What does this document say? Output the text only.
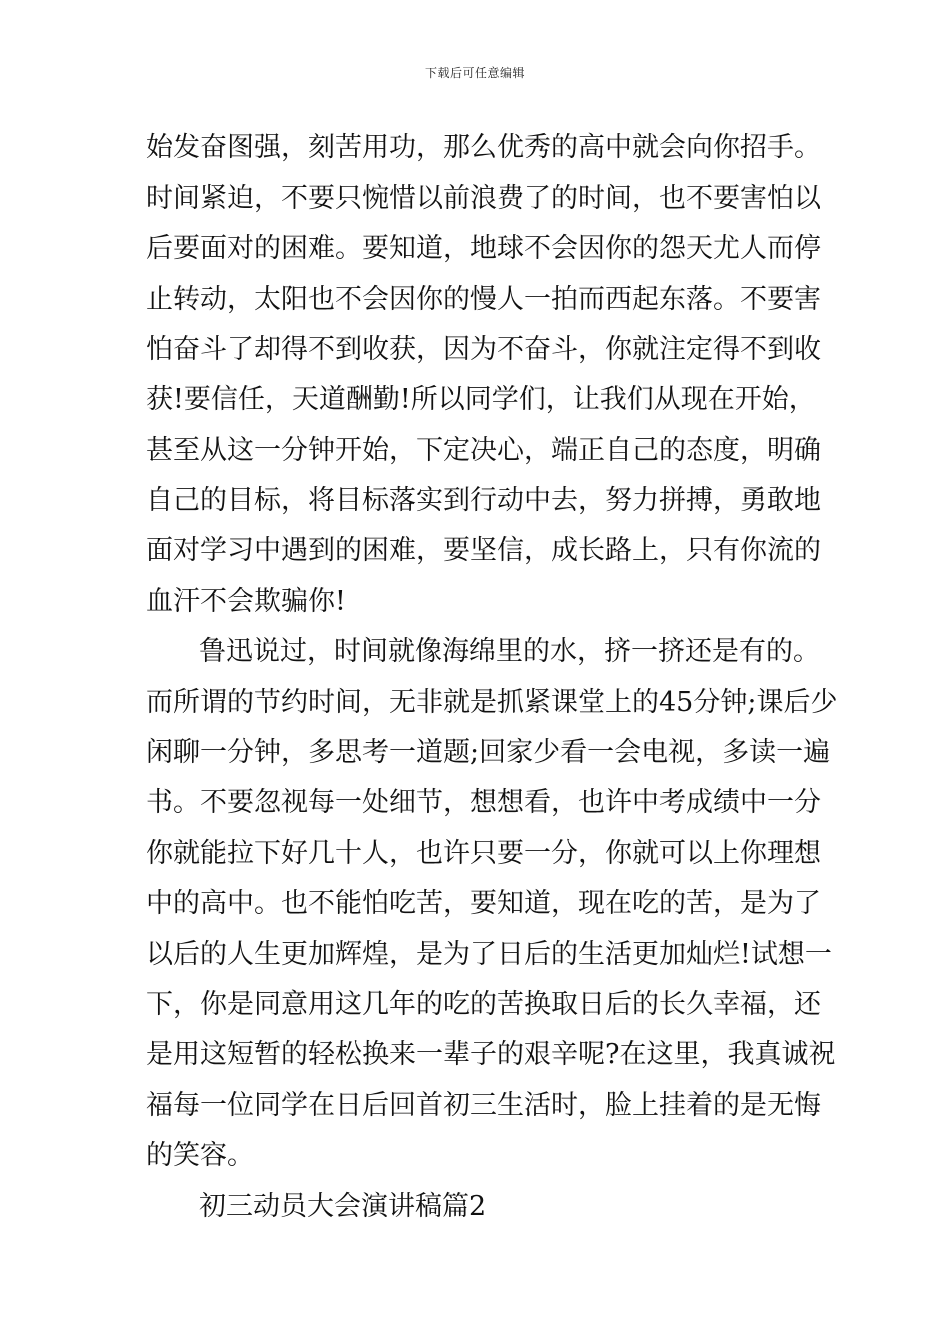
下载后可任意编辑
始发奋图强，刻苦用功，那么优秀的高中就会向你招手。
时间紧迫，不要只惋惜以前浪费了的时间，也不要害怕以
后要面对的困难。要知道，地球不会因你的怨天尤人而停
止转动，太阳也不会因你的慢人一拍而西起东落。不要害
怕奋斗了却得不到收获，因为不奋斗，你就注定得不到收
获!要信任，天道酬勤!所以同学们，让我们从现在开始，
甚至从这一分钟开始，下定决心，端正自己的态度，明确
自己的目标，将目标落实到行动中去，努力拼搏，勇敢地
面对学习中遇到的困难，要坚信，成长路上，只有你流的
血汗不会欺骗你!
鲁迅说过，时间就像海绵里的水，挤一挤还是有的。
而所谓的节约时间，无非就是抓紧课堂上的45分钟;课后少
闲聊一分钟，多思考一道题;回家少看一会电视，多读一遍
书。不要忽视每一处细节，想想看，也许中考成绩中一分
你就能拉下好几十人，也许只要一分，你就可以上你理想
中的高中。也不能怕吃苦，要知道，现在吃的苦，是为了
以后的人生更加辉煌，是为了日后的生活更加灿烂!试想一
下，你是同意用这几年的吃的苦换取日后的长久幸福，还
是用这短暂的轻松换来一辈子的艰辛呢?在这里，我真诚祝
福每一位同学在日后回首初三生活时，脸上挂着的是无悔
的笑容。
初三动员大会演讲稿篇2
